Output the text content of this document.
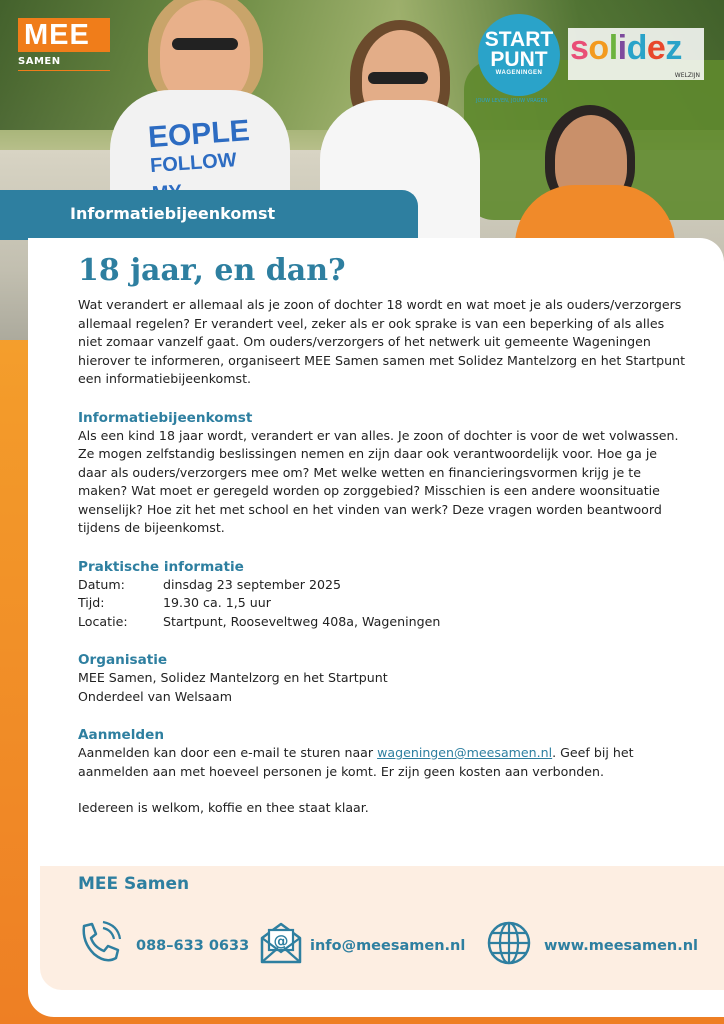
EOPLE
FOLLOW
MEE
SAMEN
START
PUNT
WAGENINGEN
JOUW LEVEN, JOUW VRAGEN
solidez
WELZIJN
Informatiebijeenkomst
18 jaar, en dan?

Wat verandert er allemaal als je zoon of dochter 18 wordt en wat moet je als ouders/verzorgers allemaal regelen? Er verandert veel, zeker als er ook sprake is van een beperking of als alles niet zomaar vanzelf gaat. Om ouders/verzorgers of het netwerk uit gemeente Wageningen hierover te informeren, organiseert MEE Samen samen met Solidez Mantelzorg en het Startpunt een informatiebijeenkomst.

Informatiebijeenkomst

Als een kind 18 jaar wordt, verandert er van alles. Je zoon of dochter is voor de wet volwassen. Ze mogen zelfstandig beslissingen nemen en zijn daar ook verantwoordelijk voor. Hoe ga je daar als ouders/verzorgers mee om? Met welke wetten en financieringsvormen krijg je te maken? Wat moet er geregeld worden op zorggebied? Misschien is een andere woonsituatie wenselijk? Hoe zit het met school en het vinden van werk? Deze vragen worden beantwoord tijdens de bijeenkomst.

Praktische informatie
Datum:	dinsdag 23 september 2025
Tijd:	19.30 ca. 1,5 uur
Locatie:	Startpunt, Rooseveltweg 408a, Wageningen
Organisatie

MEE Samen, Solidez Mantelzorg en het Startpunt

Onderdeel van Welsaam

Aanmelden

Aanmelden kan door een e-mail te sturen naar wageningen@meesamen.nl. Geef bij het aanmelden aan met hoeveel personen je komt. Er zijn geen kosten aan verbonden.

Iedereen is welkom, koffie en thee staat klaar.

MEE Samen
088–633 0633 @ info@meesamen.nl	www.meesamen.nl
